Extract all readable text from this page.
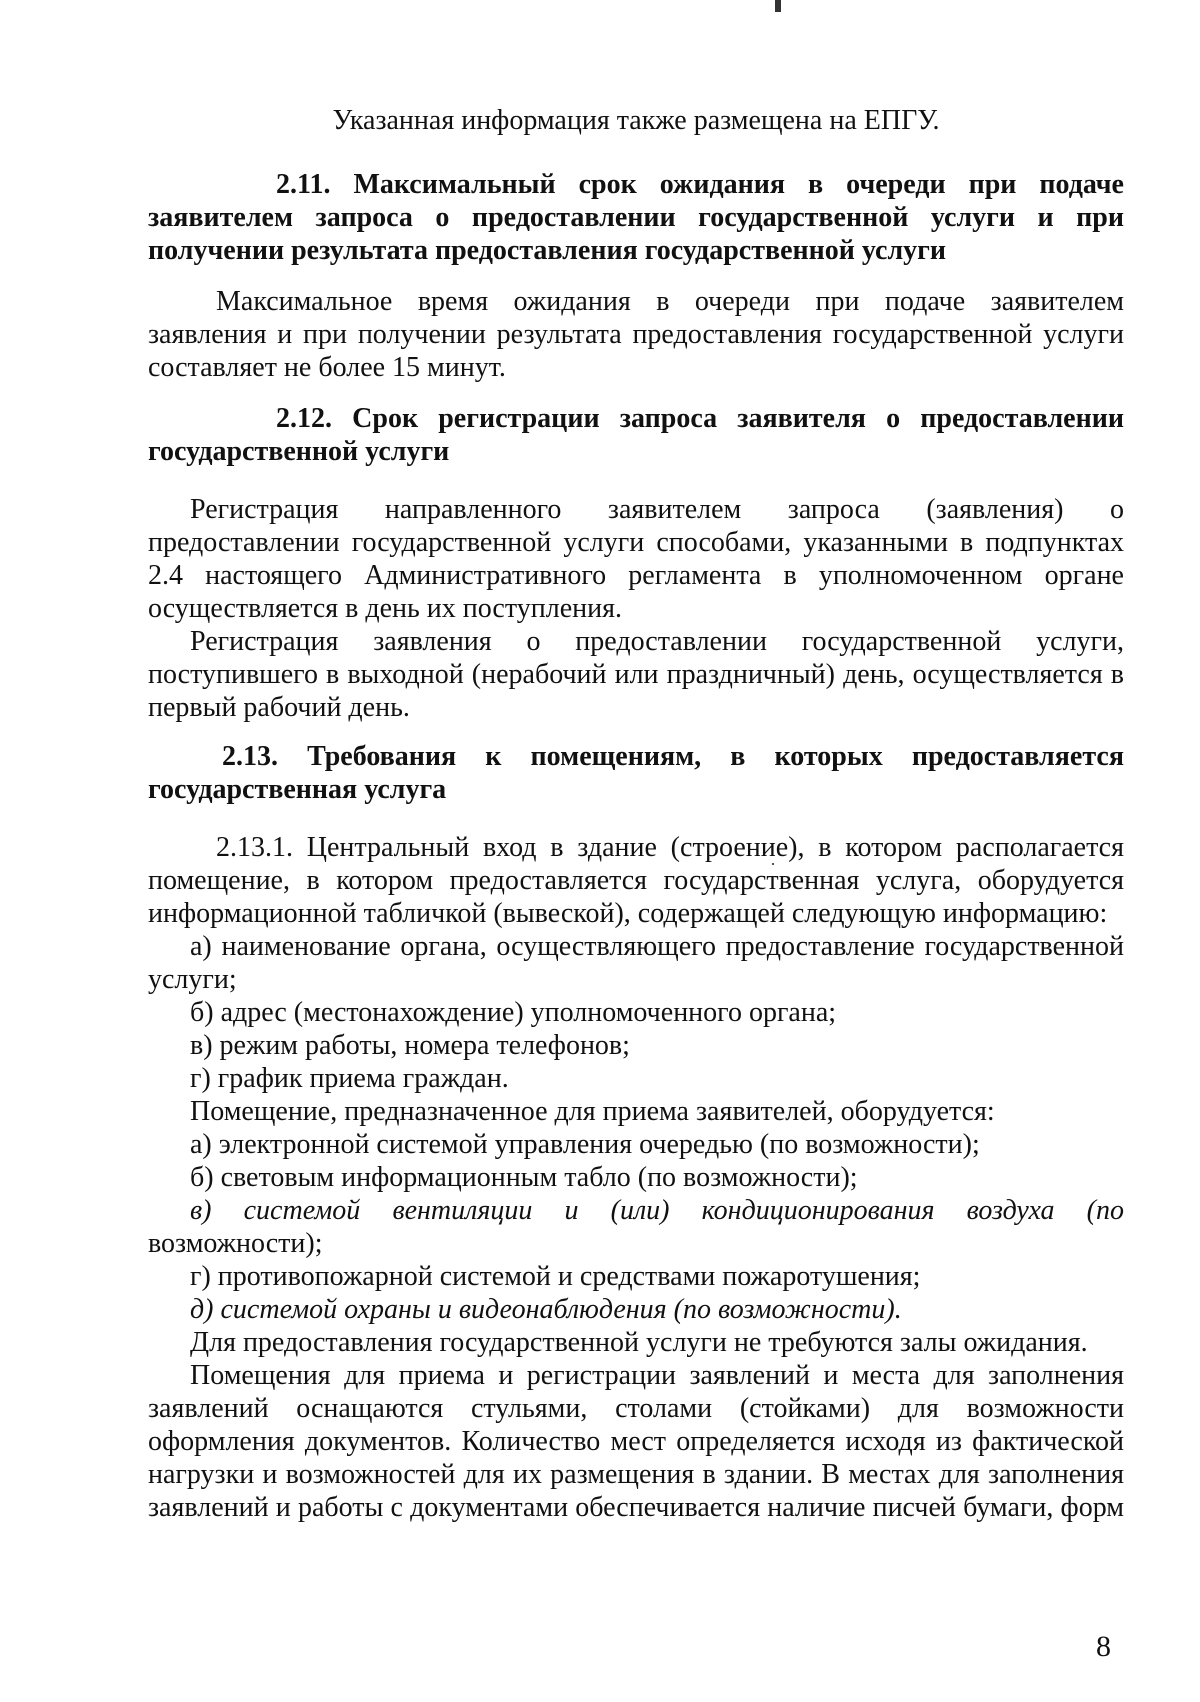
Указанная информация также размещена на ЕПГУ.
2.11. Максимальный срок ожидания в очереди при подаче
заявителем запроса о предоставлении государственной услуги и при
получении результата предоставления государственной услуги
Максимальное время ожидания в очереди при подаче заявителем
заявления и при получении результата предоставления государственной услуги
составляет не более 15 минут.
2.12. Срок регистрации запроса заявителя о предоставлении
государственной услуги
Регистрация направленного заявителем запроса (заявления) о
предоставлении государственной услуги способами, указанными в подпунктах
2.4 настоящего Административного регламента в уполномоченном органе
осуществляется в день их поступления.
Регистрация заявления о предоставлении государственной услуги,
поступившего в выходной (нерабочий или праздничный) день, осуществляется в
первый рабочий день.
2.13. Требования к помещениям, в которых предоставляется
государственная услуга
2.13.1. Центральный вход в здание (строение), в котором располагается
помещение, в котором предоставляется государственная услуга, оборудуется
информационной табличкой (вывеской), содержащей следующую информацию:
а) наименование органа, осуществляющего предоставление государственной
услуги;
б) адрес (местонахождение) уполномоченного органа;
в) режим работы, номера телефонов;
г) график приема граждан.
Помещение, предназначенное для приема заявителей, оборудуется:
а) электронной системой управления очередью (по возможности);
б) световым информационным табло (по возможности);
в) системой вентиляции и (или) кондиционирования воздуха (по
возможности);
г) противопожарной системой и средствами пожаротушения;
д) системой охраны и видеонаблюдения (по возможности).
Для предоставления государственной услуги не требуются залы ожидания.
Помещения для приема и регистрации заявлений и места для заполнения
заявлений оснащаются стульями, столами (стойками) для возможности
оформления документов. Количество мест определяется исходя из фактической
нагрузки и возможностей для их размещения в здании. В местах для заполнения
заявлений и работы с документами обеспечивается наличие писчей бумаги, форм
8
